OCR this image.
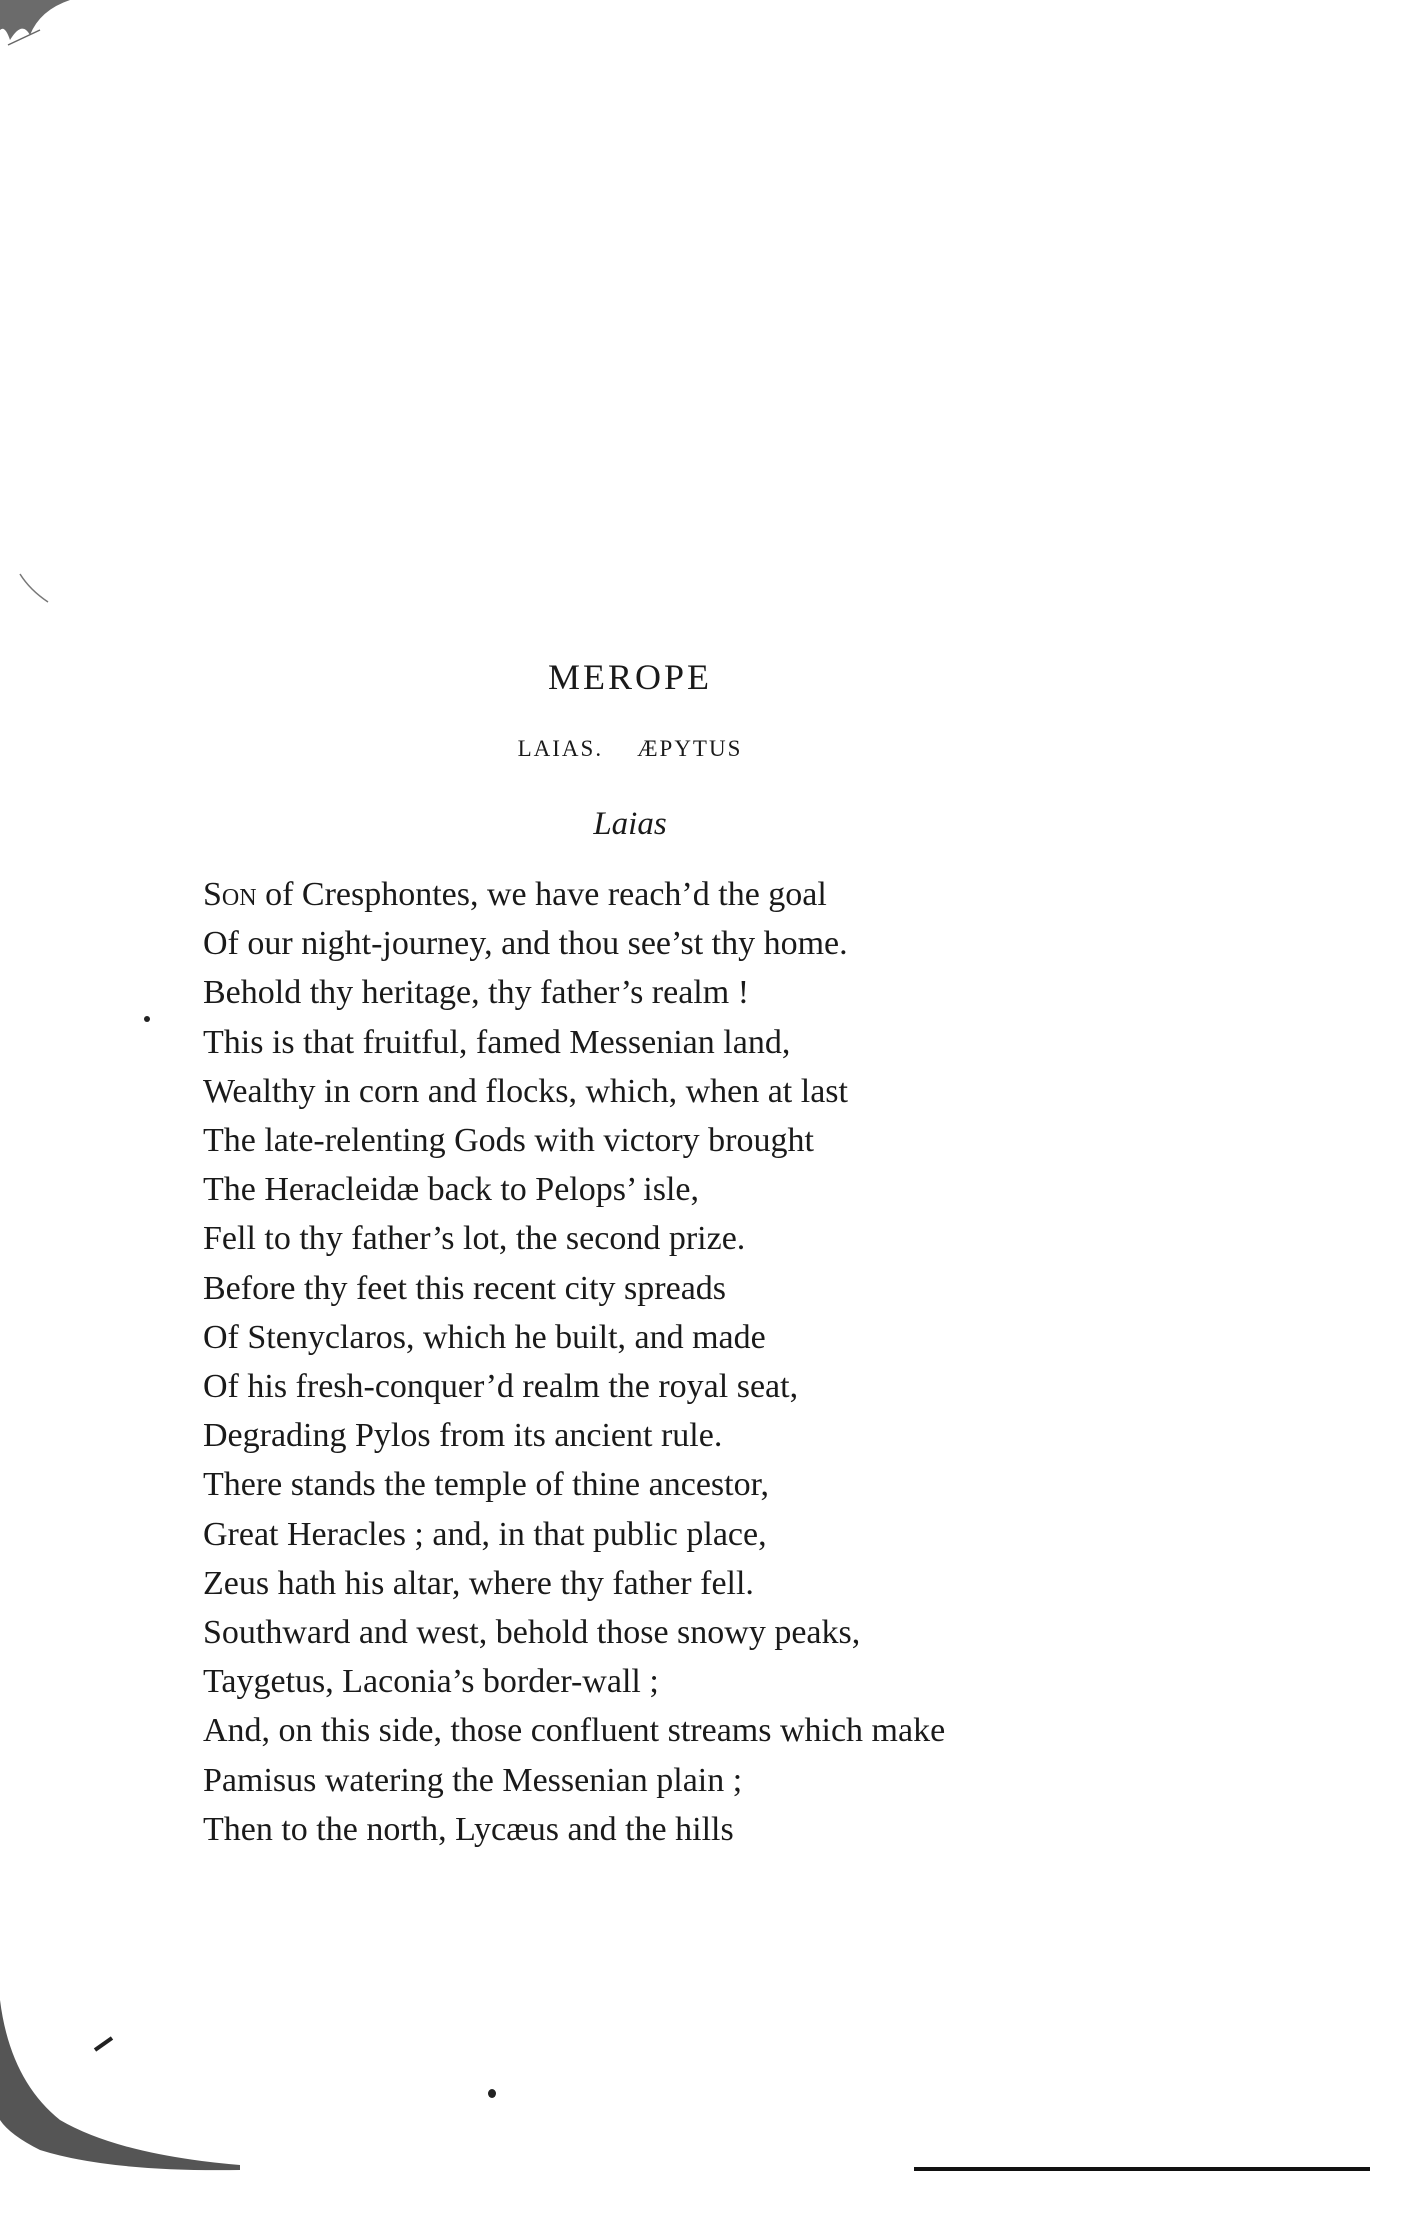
MEROPE
LAIAS. ÆPYTUS
Laias
Son of Cresphontes, we have reach’d the goal
Of our night-journey, and thou see’st thy home.
Behold thy heritage, thy father’s realm !
This is that fruitful, famed Messenian land,
Wealthy in corn and flocks, which, when at last
The late-relenting Gods with victory brought
The Heracleidæ back to Pelops’ isle,
Fell to thy father’s lot, the second prize.
Before thy feet this recent city spreads
Of Stenyclaros, which he built, and made
Of his fresh-conquer’d realm the royal seat,
Degrading Pylos from its ancient rule.
There stands the temple of thine ancestor,
Great Heracles ; and, in that public place,
Zeus hath his altar, where thy father fell.
Southward and west, behold those snowy peaks,
Taygetus, Laconia’s border-wall ;
And, on this side, those confluent streams which make
Pamisus watering the Messenian plain ;
Then to the north, Lycæus and the hills
